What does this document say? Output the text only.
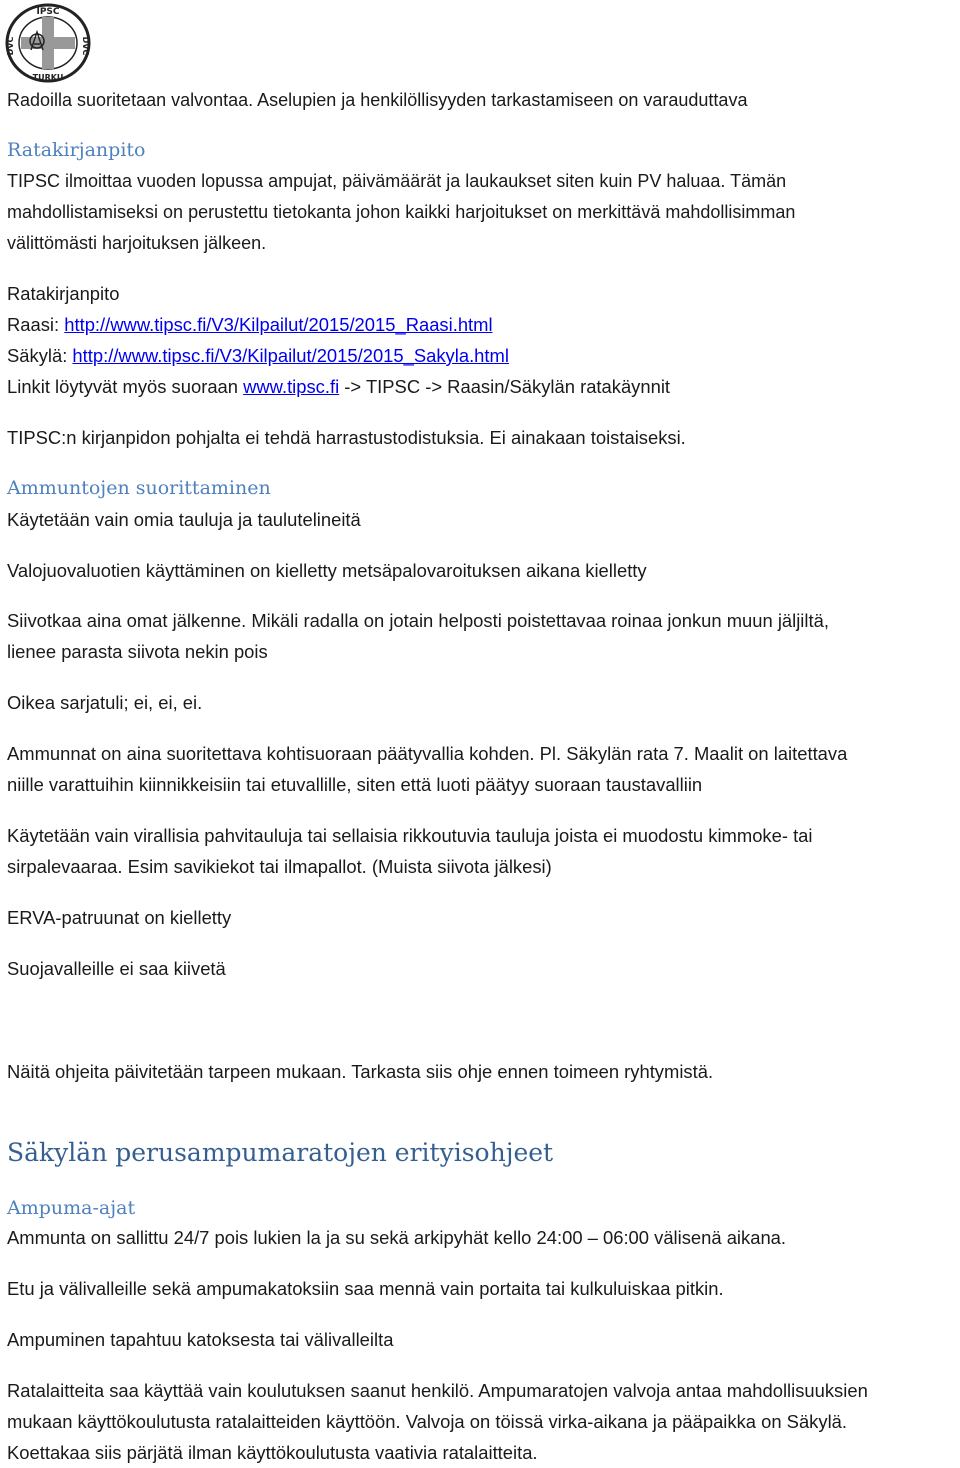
IPSC
TURKU
DVC	DVC
Radoilla suoritetaan valvontaa. Aselupien ja henkilöllisyyden tarkastamiseen on varauduttava
Ratakirjanpito
TIPSC ilmoittaa vuoden lopussa ampujat, päivämäärät ja laukaukset siten kuin PV haluaa. Tämän
mahdollistamiseksi on perustettu tietokanta johon kaikki harjoitukset on merkittävä mahdollisimman
välittömästi harjoituksen jälkeen.
Ratakirjanpito
Raasi: http://www.tipsc.fi/V3/Kilpailut/2015/2015_Raasi.html
Säkylä: http://www.tipsc.fi/V3/Kilpailut/2015/2015_Sakyla.html
Linkit löytyvät myös suoraan www.tipsc.fi -> TIPSC -> Raasin/Säkylän ratakäynnit
TIPSC:n kirjanpidon pohjalta ei tehdä harrastustodistuksia. Ei ainakaan toistaiseksi.
Ammuntojen suorittaminen
Käytetään vain omia tauluja ja taulutelineitä
Valojuovaluotien käyttäminen on kielletty metsäpalovaroituksen aikana kielletty
Siivotkaa aina omat jälkenne. Mikäli radalla on jotain helposti poistettavaa roinaa jonkun muun jäljiltä,
lienee parasta siivota nekin pois
Oikea sarjatuli; ei, ei, ei.
Ammunnat on aina suoritettava kohtisuoraan päätyvallia kohden. Pl. Säkylän rata 7. Maalit on laitettava
niille varattuihin kiinnikkeisiin tai etuvallille, siten että luoti päätyy suoraan taustavalliin
Käytetään vain virallisia pahvitauluja tai sellaisia rikkoutuvia tauluja joista ei muodostu kimmoke- tai
sirpalevaaraa. Esim savikiekot tai ilmapallot. (Muista siivota jälkesi)
ERVA-patruunat on kielletty
Suojavalleille ei saa kiivetä
Näitä ohjeita päivitetään tarpeen mukaan. Tarkasta siis ohje ennen toimeen ryhtymistä.
Säkylän perusampumaratojen erityisohjeet
Ampuma-ajat
Ammunta on sallittu 24/7 pois lukien la ja su sekä arkipyhät kello 24:00 – 06:00 välisenä aikana.
Etu ja välivalleille sekä ampumakatoksiin saa mennä vain portaita tai kulkuluiskaa pitkin.
Ampuminen tapahtuu katoksesta tai välivalleilta
Ratalaitteita saa käyttää vain koulutuksen saanut henkilö. Ampumaratojen valvoja antaa mahdollisuuksien
mukaan käyttökoulutusta ratalaitteiden käyttöön. Valvoja on töissä virka-aikana ja pääpaikka on Säkylä.
Koettakaa siis pärjätä ilman käyttökoulutusta vaativia ratalaitteita.
